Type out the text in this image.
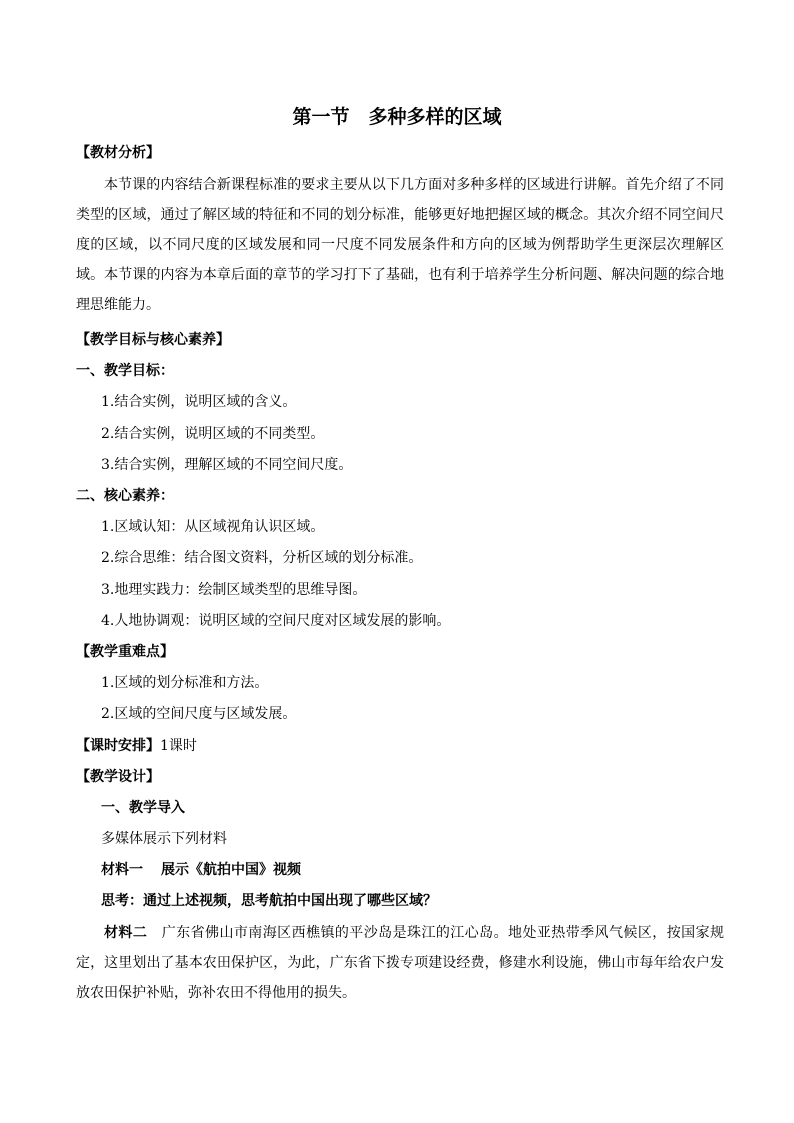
第一节　多种多样的区域
【教材分析】

本节课的内容结合新课程标准的要求主要从以下几方面对多种多样的区域进行讲解。首先介绍了不同类型的区域，通过了解区域的特征和不同的划分标准，能够更好地把握区域的概念。其次介绍不同空间尺度的区域，以不同尺度的区域发展和同一尺度不同发展条件和方向的区域为例帮助学生更深层次理解区域。本节课的内容为本章后面的章节的学习打下了基础，也有利于培养学生分析问题、解决问题的综合地理思维能力。

【教学目标与核心素养】
一、教学目标：
1.结合实例，说明区域的含义。
2.结合实例，说明区域的不同类型。
3.结合实例，理解区域的不同空间尺度。
二、核心素养：
1.区域认知：从区域视角认识区域。
2.综合思维：结合图文资料，分析区域的划分标准。
3.地理实践力：绘制区域类型的思维导图。
4.人地协调观：说明区域的空间尺度对区域发展的影响。
【教学重难点】
1.区域的划分标准和方法。
2.区域的空间尺度与区域发展。
【课时安排】1课时
【教学设计】
一、教学导入
多媒体展示下列材料
材料一 展示《航拍中国》视频
思考：通过上述视频，思考航拍中国出现了哪些区域？

材料二 广东省佛山市南海区西樵镇的平沙岛是珠江的江心岛。地处亚热带季风气候区，按国家规定，这里划出了基本农田保护区，为此，广东省下拨专项建设经费，修建水利设施，佛山市每年给农户发放农田保护补贴，弥补农田不得他用的损失。
